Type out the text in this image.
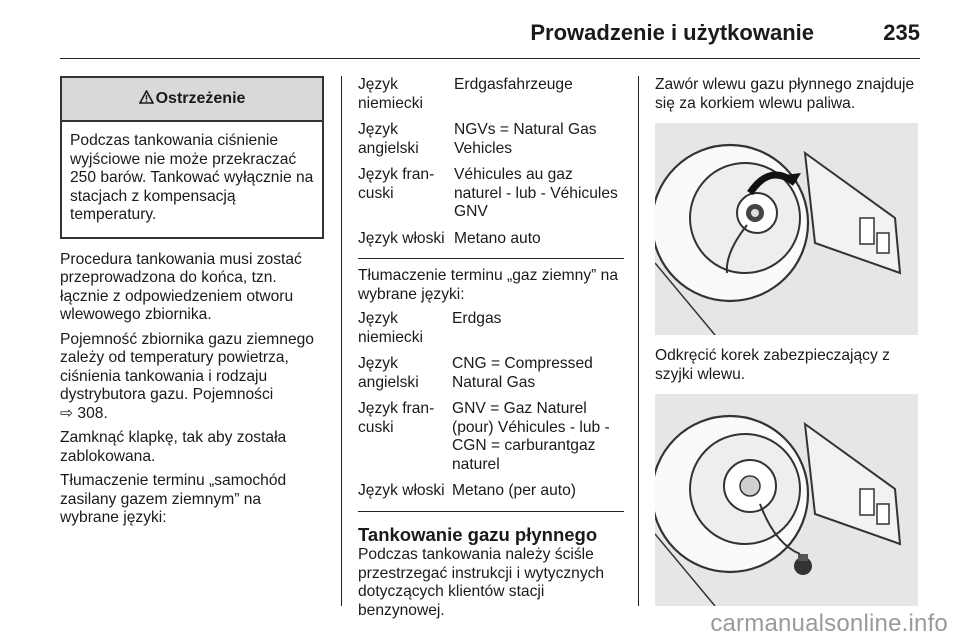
Prowadzenie i użytkowanie	235
Ostrzeżenie
Podczas tankowania ciśnienie wyjściowe nie może przekraczać 250 barów. Tankować wyłącznie na stacjach z kompensacją temperatury.

Procedura tankowania musi zostać przeprowadzona do końca, tzn. łącznie z odpowiedzeniem otworu wlewowego zbiornika.

Pojemność zbiornika gazu ziemnego zależy od temperatury powietrza, ciśnienia tankowania i rodzaju dystrybutora gazu. Pojemności
⇨ 308.

Zamknąć klapkę, tak aby została zablokowana.

Tłumaczenie terminu „samochód zasilany gazem ziemnym” na wybrane języki:

Język niemiecki	Erdgasfahrzeuge
Język angielski	NGVs = Natural Gas Vehicles
Język fran-cuski	Véhicules au gaz naturel - lub - Véhicules GNV
Język włoski	Metano auto

Tłumaczenie terminu „gaz ziemny” na wybrane języki:

Język niemiecki	Erdgas
Język angielski	CNG = Compressed Natural Gas
Język fran-cuski	GNV = Gaz Naturel (pour) Véhicules - lub - CGN = carburantgaz naturel
Język włoski	Metano (per auto)
Tankowanie gazu płynnego

Podczas tankowania należy ściśle przestrzegać instrukcji i wytycznych dotyczących klientów stacji benzynowej.

Zawór wlewu gazu płynnego znajduje się za korkiem wlewu paliwa.

Odkręcić korek zabezpieczający z szyjki wlewu.

carmanualsonline.info
